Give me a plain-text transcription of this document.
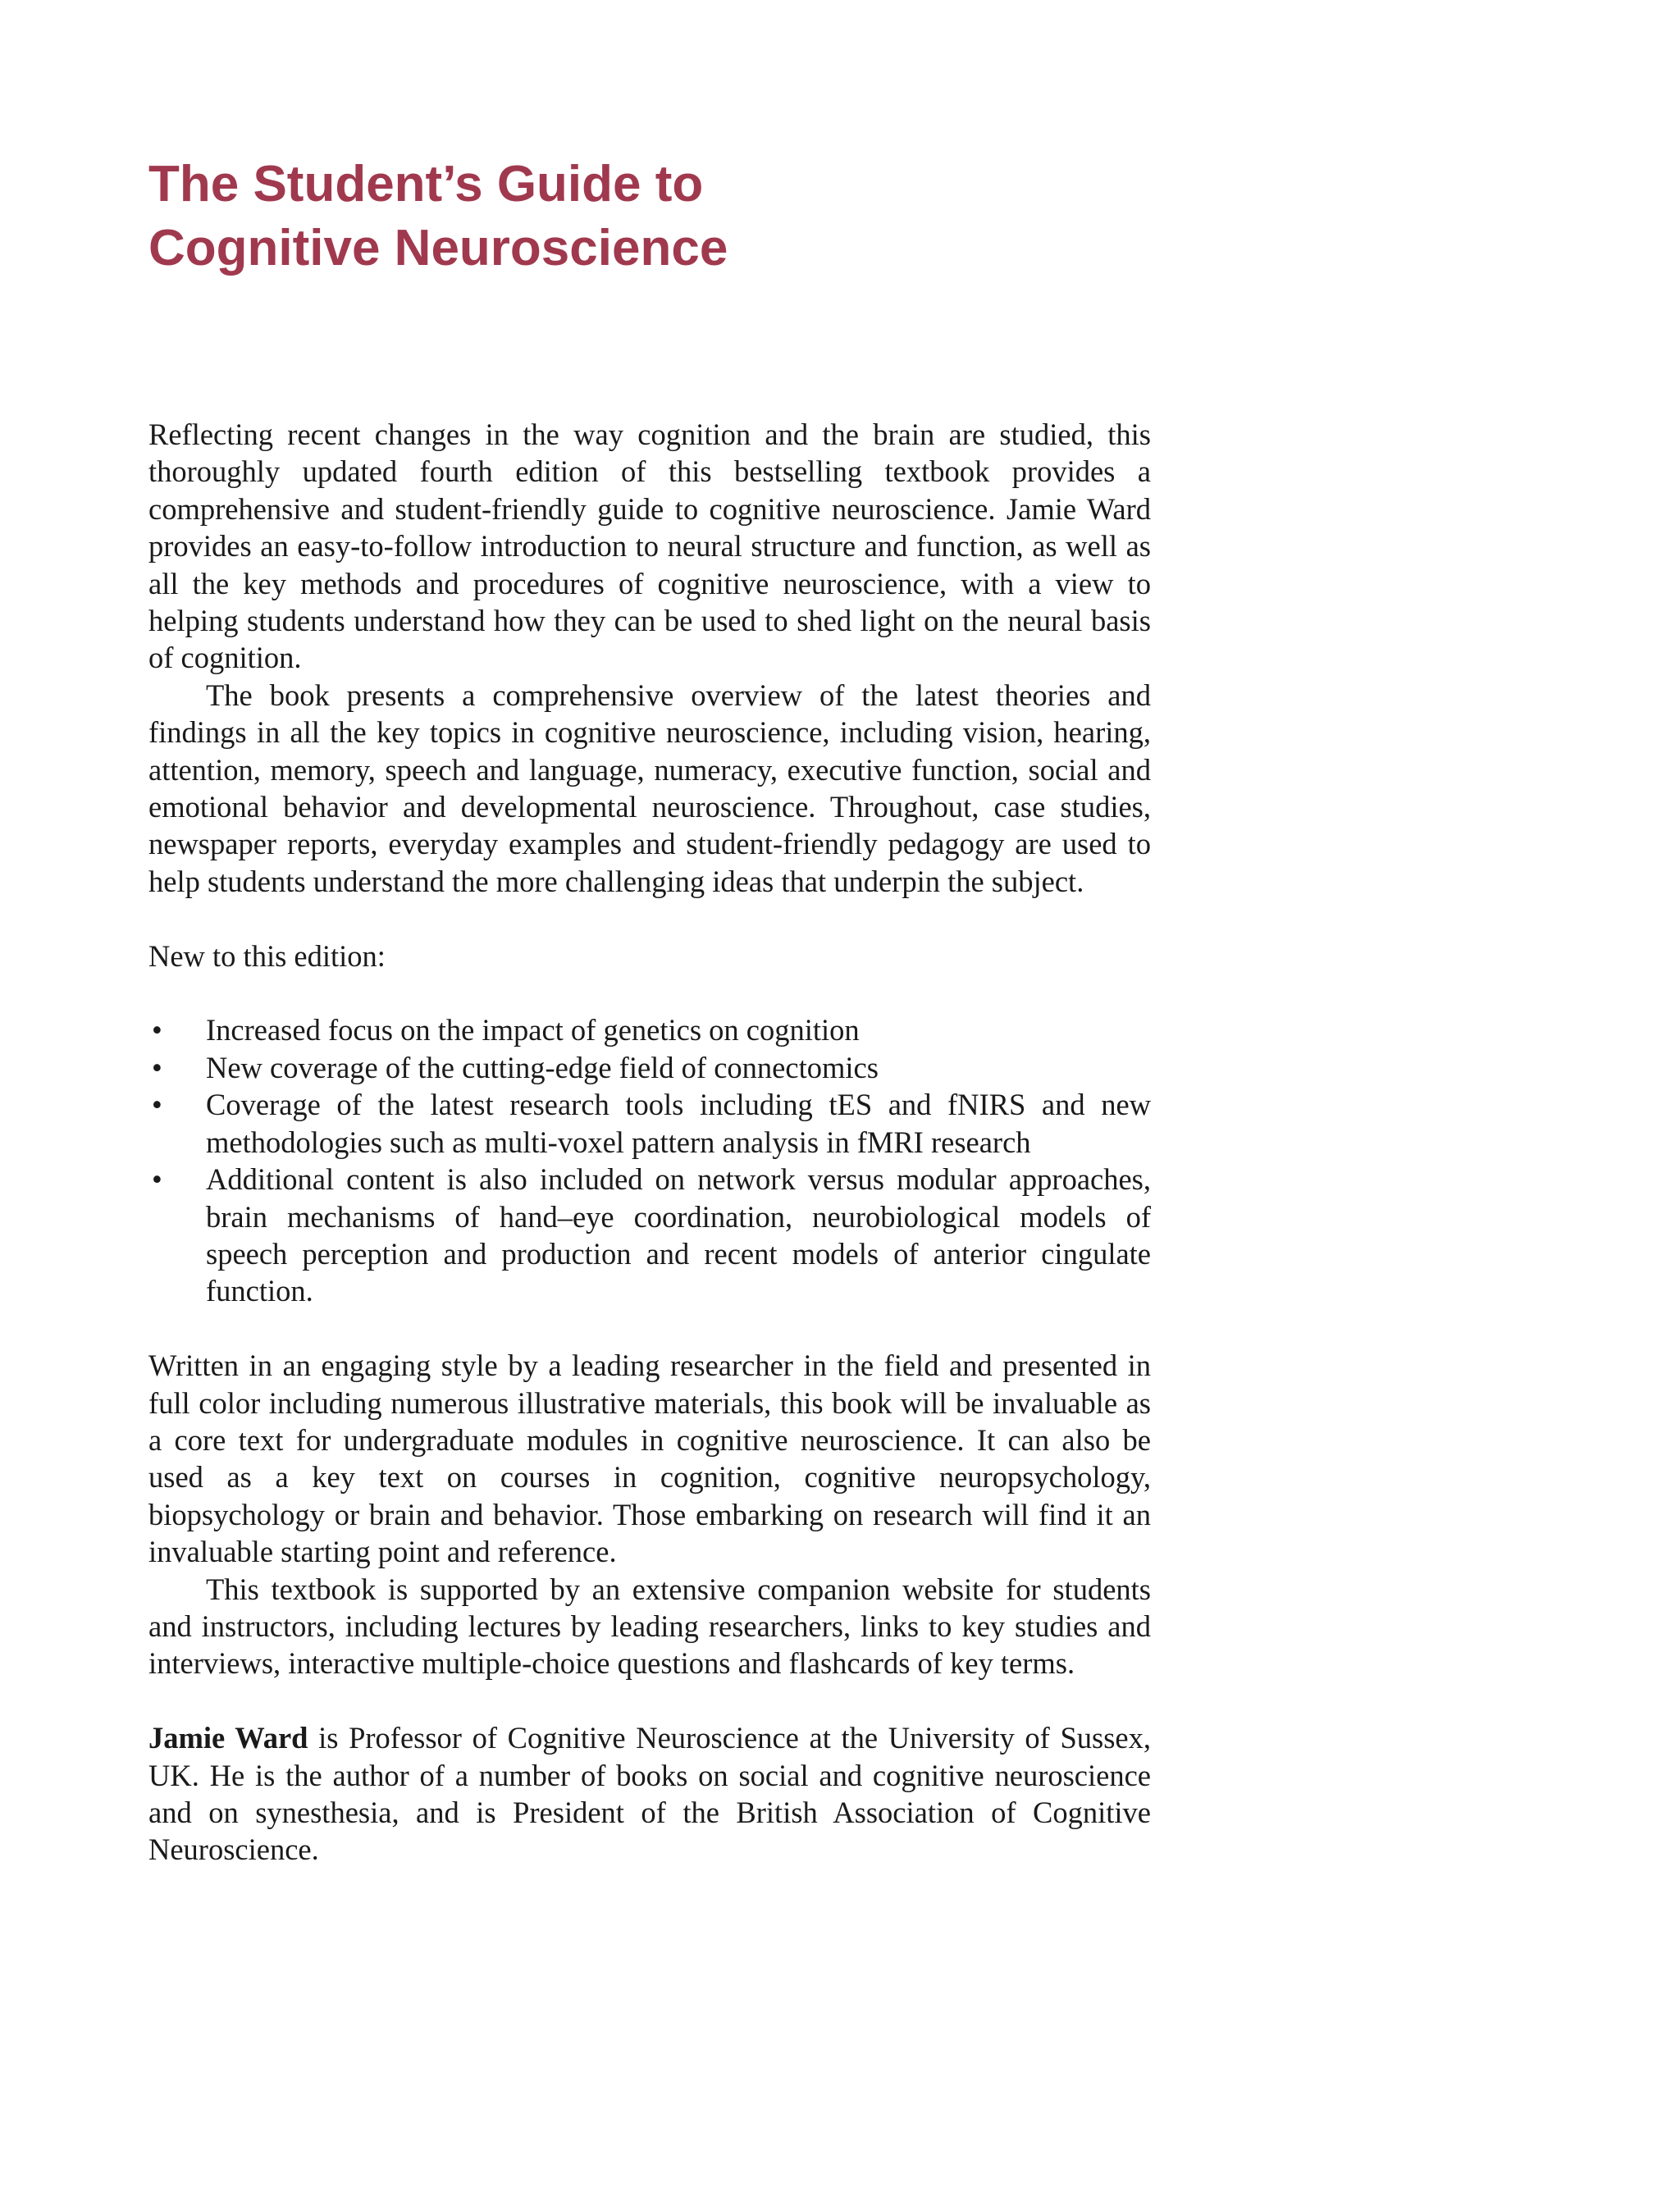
The Student’s Guide to
Cognitive Neuroscience

Reflecting recent changes in the way cognition and the brain are studied, this thoroughly updated fourth edition of this bestselling textbook provides a comprehensive and student-friendly guide to cognitive neuroscience. Jamie Ward provides an easy-to-follow introduction to neural structure and function, as well as all the key methods and procedures of cognitive neuroscience, with a view to helping students understand how they can be used to shed light on the neural basis of cognition.

The book presents a comprehensive overview of the latest theories and findings in all the key topics in cognitive neuroscience, including vision, hearing, attention, memory, speech and language, numeracy, executive function, social and emotional behavior and developmental neuroscience. Throughout, case studies, newspaper reports, everyday examples and student-friendly pedagogy are used to help students understand the more challenging ideas that underpin the subject.

New to this edition:

• Increased focus on the impact of genetics on cognition
• New coverage of the cutting-edge field of connectomics
• Coverage of the latest research tools including tES and fNIRS and new methodologies such as multi-voxel pattern analysis in fMRI research
• Additional content is also included on network versus modular approaches, brain mechanisms of hand–eye coordination, neurobiological models of speech perception and production and recent models of anterior cingulate function.

Written in an engaging style by a leading researcher in the field and presented in full color including numerous illustrative materials, this book will be invaluable as a core text for undergraduate modules in cognitive neuroscience. It can also be used as a key text on courses in cognition, cognitive neuropsychology, biopsychology or brain and behavior. Those embarking on research will find it an invaluable starting point and reference.

This textbook is supported by an extensive companion website for students and instructors, including lectures by leading researchers, links to key studies and interviews, interactive multiple-choice questions and flashcards of key terms.

Jamie Ward is Professor of Cognitive Neuroscience at the University of Sussex, UK. He is the author of a number of books on social and cognitive neuroscience and on synesthesia, and is President of the British Association of Cognitive Neuroscience.
